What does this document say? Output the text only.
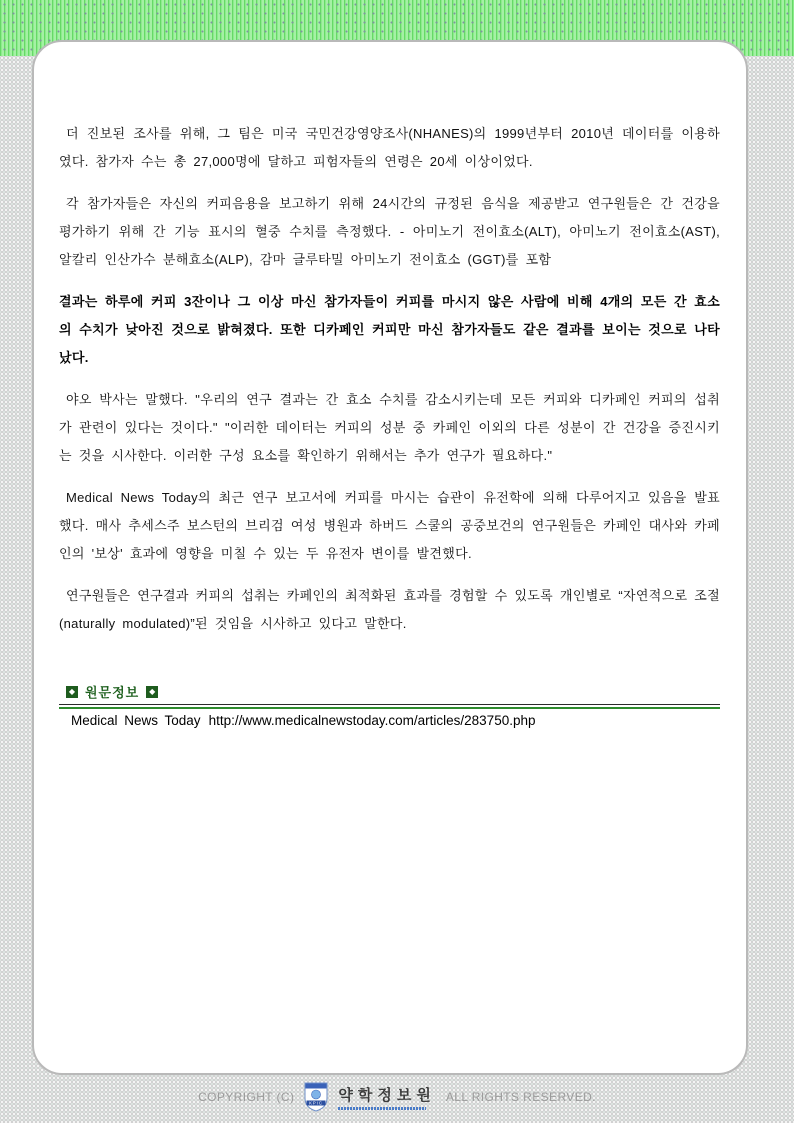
더 진보된 조사를 위해, 그 팀은 미국 국민건강영양조사(NHANES)의 1999년부터 2010년 데이터를 이용하였다. 참가자 수는 총 27,000명에 달하고 피험자들의 연령은 20세 이상이었다.

각 참가자들은 자신의 커피음용을 보고하기 위해 24시간의 규정된 음식을 제공받고 연구원들은 간 건강을 평가하기 위해 간 기능 표시의 혈중 수치를 측정했다. - 아미노기 전이효소(ALT), 아미노기 전이효소(AST), 알칼리 인산가수 분해효소(ALP), 감마 글루타밀 아미노기 전이효소 (GGT)를 포함

결과는 하루에 커피 3잔이나 그 이상 마신 참가자들이 커피를 마시지 않은 사람에 비해 4개의 모든 간 효소의 수치가 낮아진 것으로 밝혀졌다. 또한 디카페인 커피만 마신 참가자들도 같은 결과를 보이는 것으로 나타났다.

야오 박사는 말했다. "우리의 연구 결과는 간 효소 수치를 감소시키는데 모든 커피와 디카페인 커피의 섭취가 관련이 있다는 것이다." "이러한 데이터는 커피의 성분 중 카페인 이외의 다른 성분이 간 건강을 증진시키는 것을 시사한다. 이러한 구성 요소를 확인하기 위해서는 추가 연구가 필요하다."

Medical News Today의 최근 연구 보고서에 커피를 마시는 습관이 유전학에 의해 다루어지고 있음을 발표했다. 매사 추세스주 보스턴의 브리검 여성 병원과 하버드 스쿨의 공중보건의 연구원들은 카페인 대사와 카페인의 '보상' 효과에 영향을 미칠 수 있는 두 유전자 변이를 발견했다.

연구원들은 연구결과 커피의 섭취는 카페인의 최적화된 효과를 경험할 수 있도록 개인별로 “자연적으로 조절(naturally modulated)”된 것임을 시사하고 있다고 말한다.

◆ 원문정보	◆
Medical News Today http://www.medicalnewstoday.com/articles/283750.php
COPYRIGHT (C)	KPIC 약학정보원 ALL RIGHTS RESERVED.
